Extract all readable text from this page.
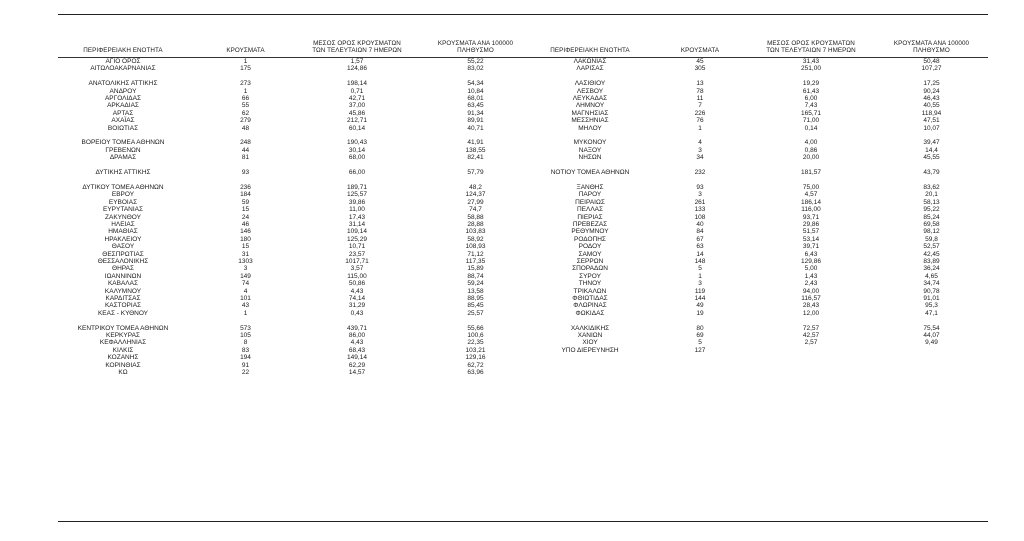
ΠΕΡΙΦΕΡΕΙΑΚΗ ΕΝΟΤΗΤΑ	ΚΡΟΥΣΜΑΤΑ
ΜΕΣΟΣ ΟΡΟΣ ΚΡΟΥΣΜΑΤΩΝ
ΤΩΝ ΤΕΛΕΥΤΑΙΩΝ 7 ΗΜΕΡΩΝ
ΚΡΟΥΣΜΑΤΑ ΑΝΑ 100000
ΠΛΗΘΥΣΜΟ
ΑΓΙΟ ΟΡΟΣ	1	1,57	55,22
ΑΙΤΩΛΟΑΚΑΡΝΑΝΙΑΣ	175	124,86	83,02
ΑΝΑΤΟΛΙΚΗΣ ΑΤΤΙΚΗΣ	273	198,14	54,34
ΑΝΔΡΟΥ	1	0,71	10,84
ΑΡΓΟΛΙΔΑΣ	66	42,71	68,01
ΑΡΚΑΔΙΑΣ	55	37,00	63,45
ΑΡΤΑΣ	62	45,86	91,34
ΑΧΑΪΑΣ	279	212,71	89,91
ΒΟΙΩΤΙΑΣ	48	60,14	40,71
ΒΟΡΕΙΟΥ ΤΟΜΕΑ ΑΘΗΝΩΝ	248	190,43	41,91
ΓΡΕΒΕΝΩΝ	44	30,14	138,55
ΔΡΑΜΑΣ	81	68,00	82,41
ΔΥΤΙΚΗΣ ΑΤΤΙΚΗΣ	93	66,00	57,79
ΔΥΤΙΚΟΥ ΤΟΜΕΑ ΑΘΗΝΩΝ	236	189,71	48,2
ΕΒΡΟΥ	184	125,57	124,37
ΕΥΒΟΙΑΣ	59	39,86	27,99
ΕΥΡΥΤΑΝΙΑΣ	15	11,00	74,7
ΖΑΚΥΝΘΟΥ	24	17,43	58,88
ΗΛΕΙΑΣ	46	31,14	28,88
ΗΜΑΘΙΑΣ	146	109,14	103,83
ΗΡΑΚΛΕΙΟΥ	180	125,29	58,92
ΘΑΣΟΥ	15	10,71	108,93
ΘΕΣΠΡΩΤΙΑΣ	31	23,57	71,12
ΘΕΣΣΑΛΟΝΙΚΗΣ	1303	1017,71	117,35
ΘΗΡΑΣ	3	3,57	15,89
ΙΩΑΝΝΙΝΩΝ	149	115,00	88,74
ΚΑΒΑΛΑΣ	74	50,86	59,24
ΚΑΛΥΜΝΟΥ	4	4,43	13,58
ΚΑΡΔΙΤΣΑΣ	101	74,14	88,95
ΚΑΣΤΟΡΙΑΣ	43	31,29	85,45
ΚΕΑΣ - ΚΥΘΝΟΥ	1	0,43	25,57
ΚΕΝΤΡΙΚΟΥ ΤΟΜΕΑ ΑΘΗΝΩΝ	573	439,71	55,66
ΚΕΡΚΥΡΑΣ	105	86,00	100,6
ΚΕΦΑΛΛΗΝΙΑΣ	8	4,43	22,35
ΚΙΛΚΙΣ	83	68,43	103,21
ΚΟΖΑΝΗΣ	194	149,14	129,16
ΚΟΡΙΝΘΙΑΣ	91	62,29	62,72
ΚΩ	22	14,57	63,96
ΠΕΡΙΦΕΡΕΙΑΚΗ ΕΝΟΤΗΤΑ	ΚΡΟΥΣΜΑΤΑ
ΜΕΣΟΣ ΟΡΟΣ ΚΡΟΥΣΜΑΤΩΝ
ΤΩΝ ΤΕΛΕΥΤΑΙΩΝ 7 ΗΜΕΡΩΝ
ΚΡΟΥΣΜΑΤΑ ΑΝΑ 100000
ΠΛΗΘΥΣΜΟ
ΛΑΚΩΝΙΑΣ	45	31,43	50,48
ΛΑΡΙΣΑΣ	305	251,00	107,27
ΛΑΣΙΘΙΟΥ	13	19,29	17,25
ΛΕΣΒΟΥ	78	61,43	90,24
ΛΕΥΚΑΔΑΣ	11	6,00	46,43
ΛΗΜΝΟΥ	7	7,43	40,55
ΜΑΓΝΗΣΙΑΣ	226	165,71	118,94
ΜΕΣΣΗΝΙΑΣ	76	71,00	47,51
ΜΗΛΟΥ	1	0,14	10,07
ΜΥΚΟΝΟΥ	4	4,00	39,47
ΝΑΞΟΥ	3	0,86	14,4
ΝΗΣΩΝ	34	20,00	45,55
ΝΟΤΙΟΥ ΤΟΜΕΑ ΑΘΗΝΩΝ	232	181,57	43,79
ΞΑΝΘΗΣ	93	75,00	83,62
ΠΑΡΟΥ	3	4,57	20,1
ΠΕΙΡΑΙΩΣ	261	186,14	58,13
ΠΕΛΛΑΣ	133	116,00	95,22
ΠΙΕΡΙΑΣ	108	93,71	85,24
ΠΡΕΒΕΖΑΣ	40	29,86	69,58
ΡΕΘΥΜΝΟΥ	84	51,57	98,12
ΡΟΔΟΠΗΣ	67	53,14	59,8
ΡΟΔΟΥ	63	39,71	52,57
ΣΑΜΟΥ	14	6,43	42,45
ΣΕΡΡΩΝ	148	129,86	83,89
ΣΠΟΡΑΔΩΝ	5	5,00	36,24
ΣΥΡΟΥ	1	1,43	4,65
ΤΗΝΟΥ	3	2,43	34,74
ΤΡΙΚΑΛΩΝ	119	94,00	90,78
ΦΘΙΩΤΙΔΑΣ	144	116,57	91,01
ΦΛΩΡΙΝΑΣ	49	28,43	95,3
ΦΩΚΙΔΑΣ	19	12,00	47,1
ΧΑΛΚΙΔΙΚΗΣ	80	72,57	75,54
ΧΑΝΙΩΝ	69	42,57	44,07
ΧΙΟΥ	5	2,57	9,49
ΥΠΟ ΔΙΕΡΕΥΝΗΣΗ	127
